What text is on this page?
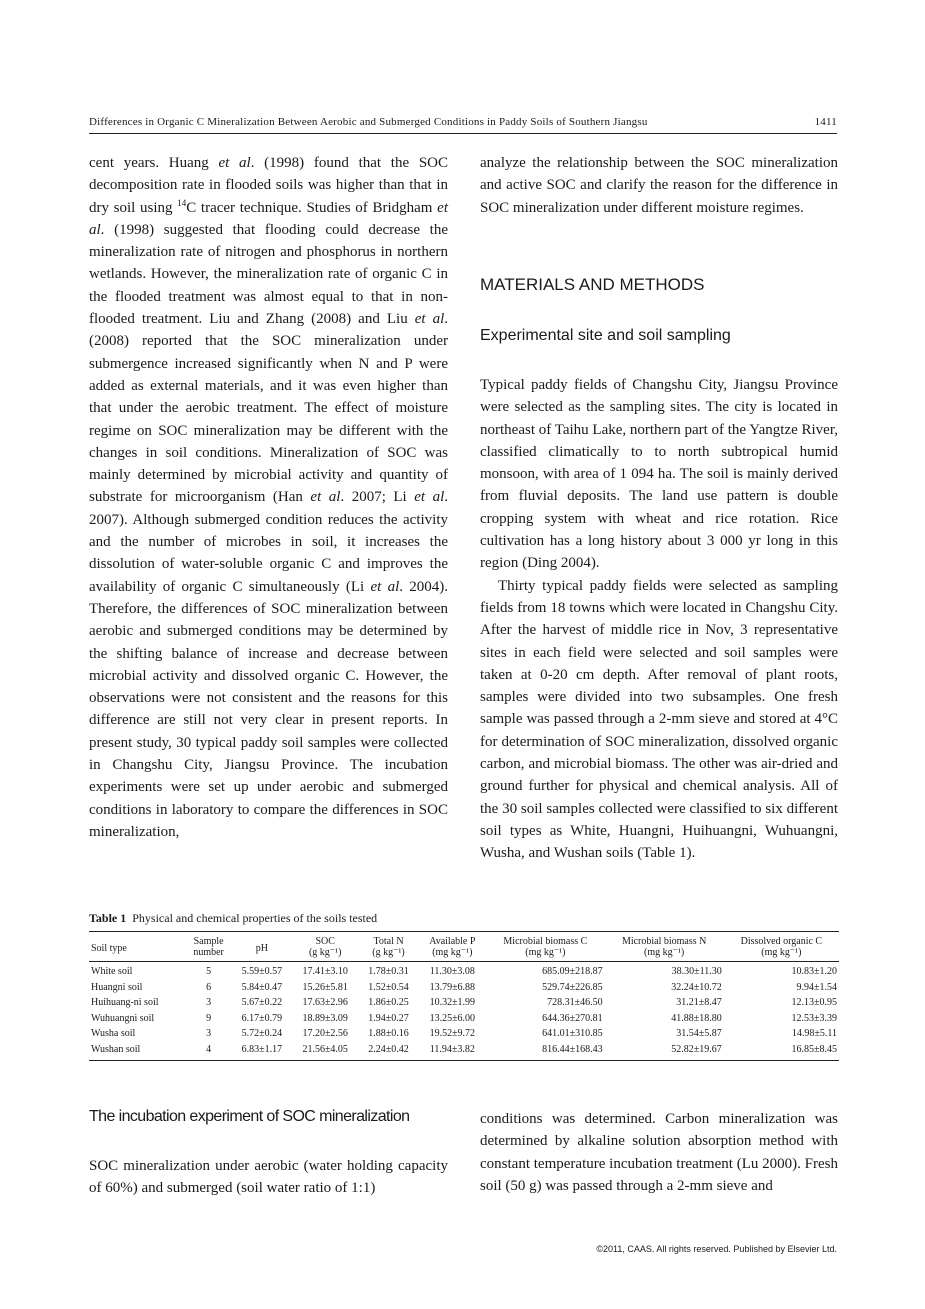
Differences in Organic C Mineralization Between Aerobic and Submerged Conditions in Paddy Soils of Southern Jiangsu	1411

cent years. Huang et al. (1998) found that the SOC decomposition rate in flooded soils was higher than that in dry soil using $^{14}$C tracer technique. Studies of Bridgham et al. (1998) suggested that flooding could decrease the mineralization rate of nitrogen and phosphorus in northern wetlands. However, the mineralization rate of organic C in the flooded treatment was almost equal to that in non-flooded treatment. Liu and Zhang (2008) and Liu et al. (2008) reported that the SOC mineralization under submergence increased significantly when N and P were added as external materials, and it was even higher than that under the aerobic treatment. The effect of moisture regime on SOC mineralization may be different with the changes in soil conditions. Mineralization of SOC was mainly determined by microbial activity and quantity of substrate for microorganism (Han et al. 2007; Li et al. 2007). Although submerged condition reduces the activity and the number of microbes in soil, it increases the dissolution of water-soluble organic C and improves the availability of organic C simultaneously (Li et al. 2004). Therefore, the differences of SOC mineralization between aerobic and submerged conditions may be determined by the shifting balance of increase and decrease between microbial activity and dissolved organic C. However, the observations were not consistent and the reasons for this difference are still not very clear in present reports. In present study, 30 typical paddy soil samples were collected in Changshu City, Jiangsu Province. The incubation experiments were set up under aerobic and submerged conditions in laboratory to compare the differences in SOC mineralization,

analyze the relationship between the SOC mineralization and active SOC and clarify the reason for the difference in SOC mineralization under different moisture regimes.

MATERIALS AND METHODS
Experimental site and soil sampling

Typical paddy fields of Changshu City, Jiangsu Province were selected as the sampling sites. The city is located in northeast of Taihu Lake, northern part of the Yangtze River, classified climatically to to north subtropical humid monsoon, with area of 1 094 ha. The soil is mainly derived from fluvial deposits. The land use pattern is double cropping system with wheat and rice rotation. Rice cultivation has a long history about 3 000 yr long in this region (Ding 2004).

Thirty typical paddy fields were selected as sampling fields from 18 towns which were located in Changshu City. After the harvest of middle rice in Nov, 3 representative sites in each field were selected and soil samples were taken at 0-20 cm depth. After removal of plant roots, samples were divided into two subsamples. One fresh sample was passed through a 2-mm sieve and stored at 4°C for determination of SOC mineralization, dissolved organic carbon, and microbial biomass. The other was air-dried and ground further for physical and chemical analysis. All of the 30 soil samples collected were classified to six different soil types as White, Huangni, Huihuangni, Wuhuangni, Wusha, and Wushan soils (Table 1).

Table 1 Physical and chemical properties of the soils tested
Soil type	Sample	pH	SOC	Total N	Available P	Microbial biomass C	Microbial biomass N	Dissolved organic C
	number		(g kg⁻¹)	(g kg⁻¹)	(mg kg⁻¹)	(mg kg⁻¹)	(mg kg⁻¹)	(mg kg⁻¹)
White soil	5	5.59±0.57	17.41±3.10	1.78±0.31	11.30±3.08	685.09±218.87	38.30±11.30	10.83±1.20
Huangni soil	6	5.84±0.47	15.26±5.81	1.52±0.54	13.79±6.88	529.74±226.85	32.24±10.72	9.94±1.54
Huihuang-ni soil	3	5.67±0.22	17.63±2.96	1.86±0.25	10.32±1.99	728.31±46.50	31.21±8.47	12.13±0.95
Wuhuangni soil	9	6.17±0.79	18.89±3.09	1.94±0.27	13.25±6.00	644.36±270.81	41.88±18.80	12.53±3.39
Wusha soil	3	5.72±0.24	17.20±2.56	1.88±0.16	19.52±9.72	641.01±310.85	31.54±5.87	14.98±5.11
Wushan soil	4	6.83±1.17	21.56±4.05	2.24±0.42	11.94±3.82	816.44±168.43	52.82±19.67	16.85±8.45
The incubation experiment of SOC mineralization

SOC mineralization under aerobic (water holding capacity of 60%) and submerged (soil water ratio of 1:1)

conditions was determined. Carbon mineralization was determined by alkaline solution absorption method with constant temperature incubation treatment (Lu 2000). Fresh soil (50 g) was passed through a 2-mm sieve and

©2011, CAAS. All rights reserved. Published by Elsevier Ltd.
